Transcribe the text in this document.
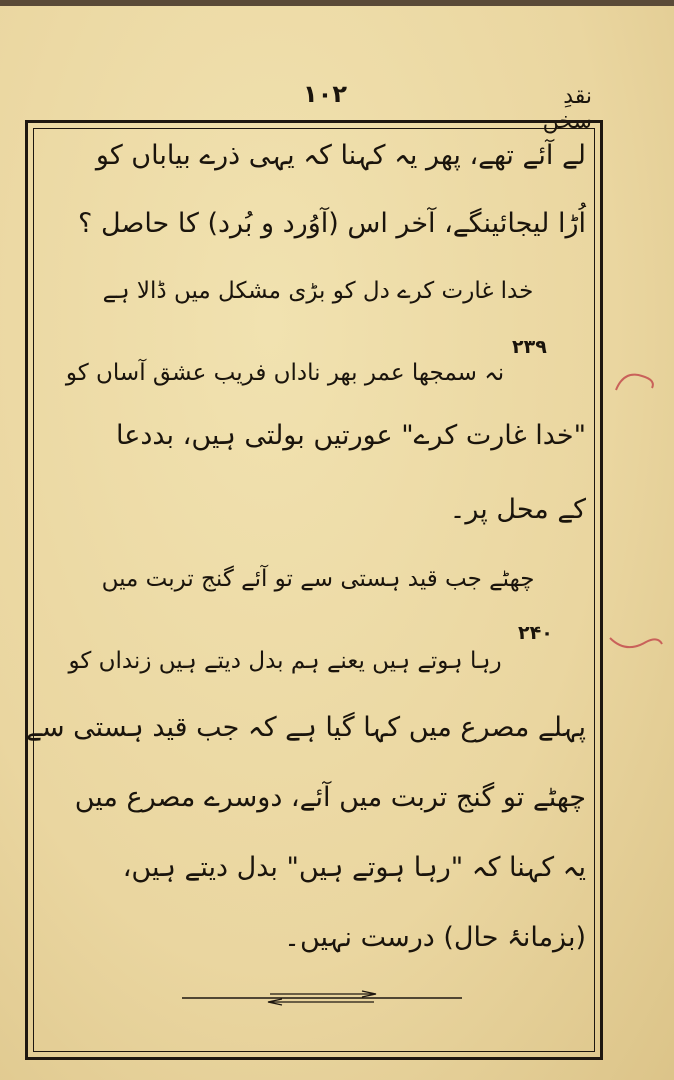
نقدِ سخن
۱۰۲
لے آئے تھے، پھر یہ کہنا کہ یہی ذرے بیاباں کو
اُڑا لیجائینگے، آخر اس (آوُرد و بُرد) کا حاصل ؟
خدا غارت کرے دل کو بڑی مشکل میں ڈالا ہے
۲۳۹
نہ سمجھا عمر بھر ناداں فریب عشق آساں کو
"خدا غارت کرے" عورتیں بولتی ہیں، بددعا
کے محل پر۔
چھٹے جب قید ہستی سے تو آئے گنج تربت میں
۲۴۰
رہا ہوتے ہیں یعنے ہم بدل دیتے ہیں زنداں کو
پہلے مصرع میں کہا گیا ہے کہ جب قید ہستی سے
چھٹے تو گنج تربت میں آئے، دوسرے مصرع میں
یہ کہنا کہ "رہا ہوتے ہیں" بدل دیتے ہیں،
(بزمانۂ حال) درست نہیں۔
